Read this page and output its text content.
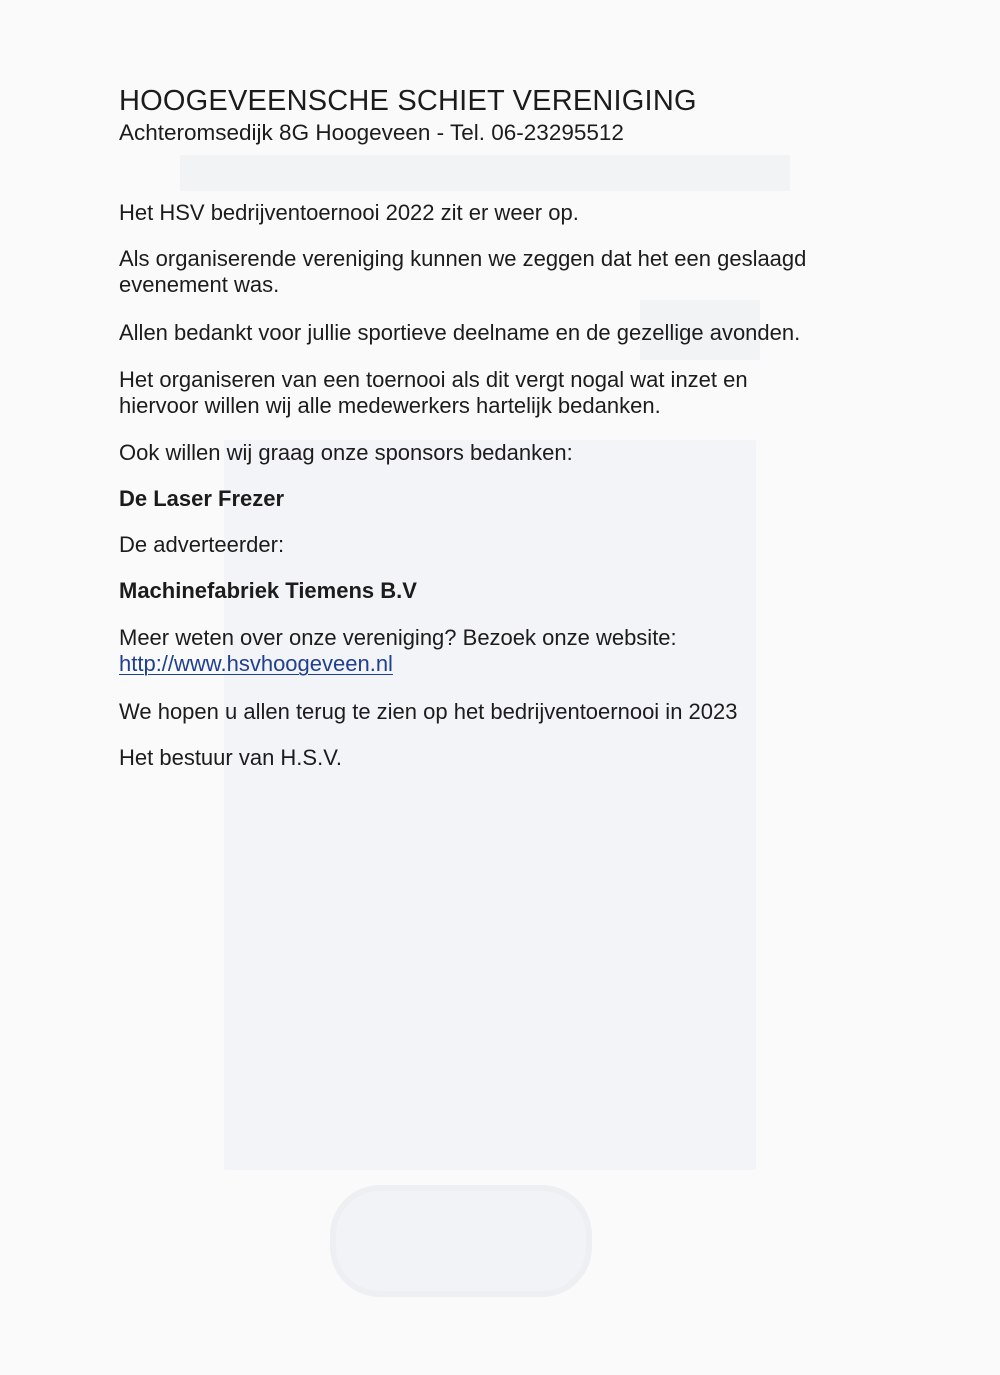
HOOGEVEENSCHE SCHIET VERENIGING

Achteromsedijk 8G Hoogeveen - Tel. 06-23295512

Het HSV bedrijventoernooi 2022 zit er weer op.

Als organiserende vereniging kunnen we zeggen dat het een geslaagd
evenement was.

Allen bedankt voor jullie sportieve deelname en de gezellige avonden.

Het organiseren van een toernooi als dit vergt nogal wat inzet en
hiervoor willen wij alle medewerkers hartelijk bedanken.

Ook willen wij graag onze sponsors bedanken:

De Laser Frezer

De adverteerder:

Machinefabriek Tiemens B.V

Meer weten over onze vereniging? Bezoek onze website:
http://www.hsvhoogeveen.nl

We hopen u allen terug te zien op het bedrijventoernooi in 2023

Het bestuur van H.S.V.
